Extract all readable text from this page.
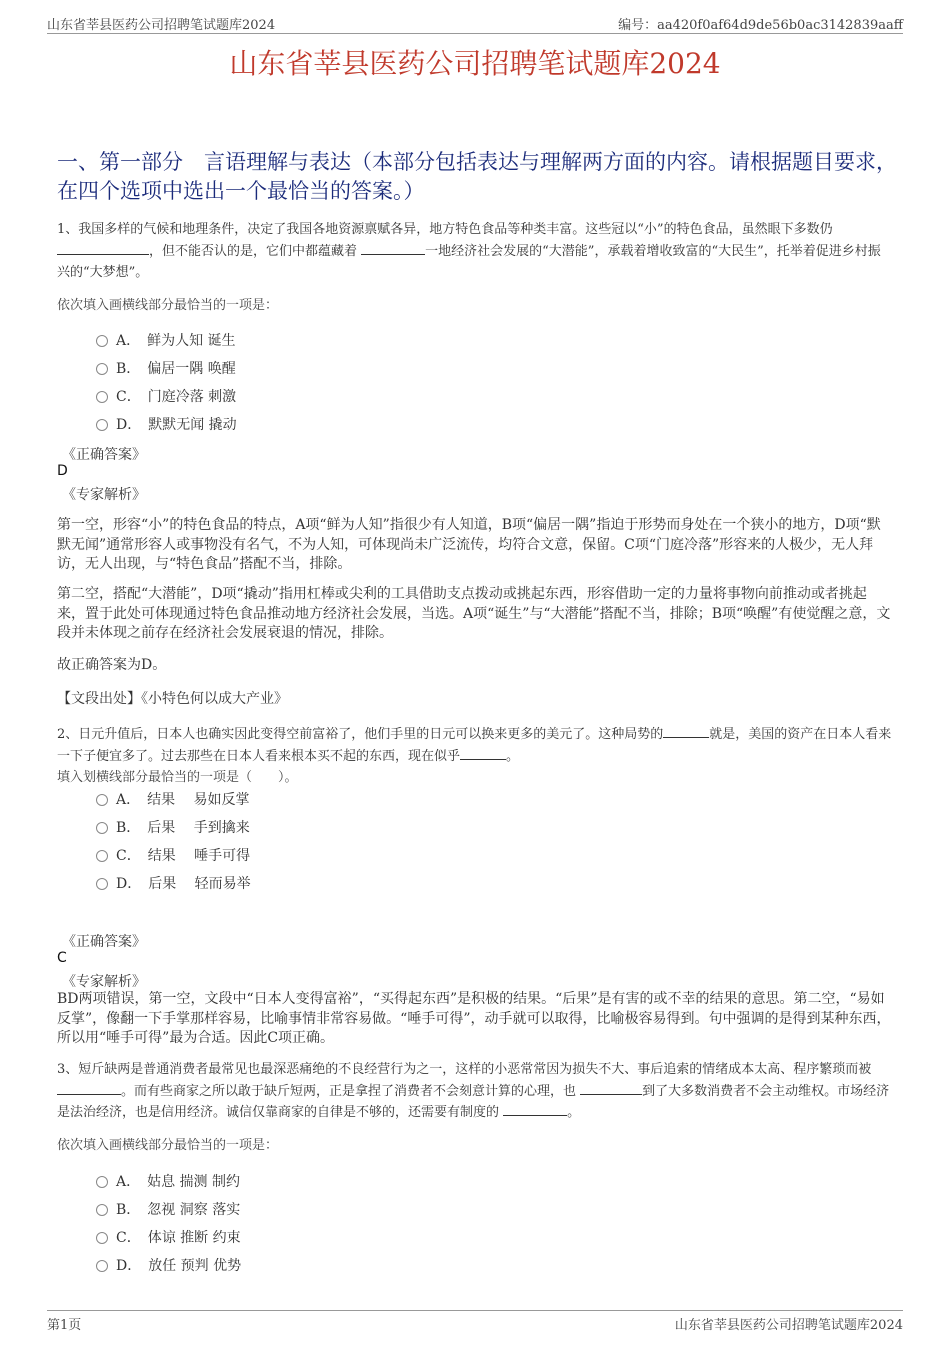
山东省莘县医药公司招聘笔试题库2024	编号：aa420f0af64d9de56b0ac3142839aaff
山东省莘县医药公司招聘笔试题库2024
一、第一部分　言语理解与表达（本部分包括表达与理解两方面的内容。请根据题目要求，在四个选项中选出一个最恰当的答案。）
1、我国多样的气候和地理条件，决定了我国各地资源禀赋各异，地方特色食品等种类丰富。这些冠以“小”的特色食品，虽然眼下多数仍
，但不能否认的是，它们中都蕴藏着	一地经济社会发展的“大潜能”，承载着增收致富的“大民生”，托举着促进乡村振兴的“大梦想”。
依次填入画横线部分最恰当的一项是：
A．　鲜为人知 诞生
B．　偏居一隅 唤醒
C．　门庭冷落 刺激
D．　默默无闻 撬动
《正确答案》
D
《专家解析》
第一空，形容“小”的特色食品的特点，A项“鲜为人知”指很少有人知道，B项“偏居一隅”指迫于形势而身处在一个狭小的地方，D项“默默无闻”通常形容人或事物没有名气，不为人知，可体现尚未广泛流传，均符合文意，保留。C项“门庭冷落”形容来的人极少，无人拜访，无人出现，与“特色食品”搭配不当，排除。
第二空，搭配“大潜能”，D项“撬动”指用杠棒或尖利的工具借助支点拨动或挑起东西，形容借助一定的力量将事物向前推动或者挑起来，置于此处可体现通过特色食品推动地方经济社会发展，当选。A项“诞生”与“大潜能”搭配不当，排除；B项“唤醒”有使觉醒之意，文段并未体现之前存在经济社会发展衰退的情况，排除。
故正确答案为D。
【文段出处】《小特色何以成大产业》
2、日元升值后，日本人也确实因此变得空前富裕了，他们手里的日元可以换来更多的美元了。这种局势的	就是，美国的资产在日本人看来一下子便宜多了。过去那些在日本人看来根本买不起的东西，现在似乎	。
填入划横线部分最恰当的一项是（　　）。
A．　结果　 易如反掌
B．　后果　 手到擒来
C．　结果　 唾手可得
D．　后果　 轻而易举
《正确答案》
C
《专家解析》
BD两项错误，第一空，文段中“日本人变得富裕”，“买得起东西”是积极的结果。“后果”是有害的或不幸的结果的意思。第二空，“易如反掌”，像翻一下手掌那样容易，比喻事情非常容易做。“唾手可得”，动手就可以取得，比喻极容易得到。句中强调的是得到某种东西，所以用“唾手可得”最为合适。因此C项正确。
3、短斤缺两是普通消费者最常见也最深恶痛绝的不良经营行为之一，这样的小恶常常因为损失不大、事后追索的情绪成本太高、程序繁琐而被
。而有些商家之所以敢于缺斤短两，正是拿捏了消费者不会刻意计算的心理，也	到了大多数消费者不会主动维权。市场经济是法治经济，也是信用经济。诚信仅靠商家的自律是不够的，还需要有制度的	。
依次填入画横线部分最恰当的一项是：
A．　姑息 揣测 制约
B．　忽视 洞察 落实
C．　体谅 推断 约束
D．　放任 预判 优势
第1页	山东省莘县医药公司招聘笔试题库2024
